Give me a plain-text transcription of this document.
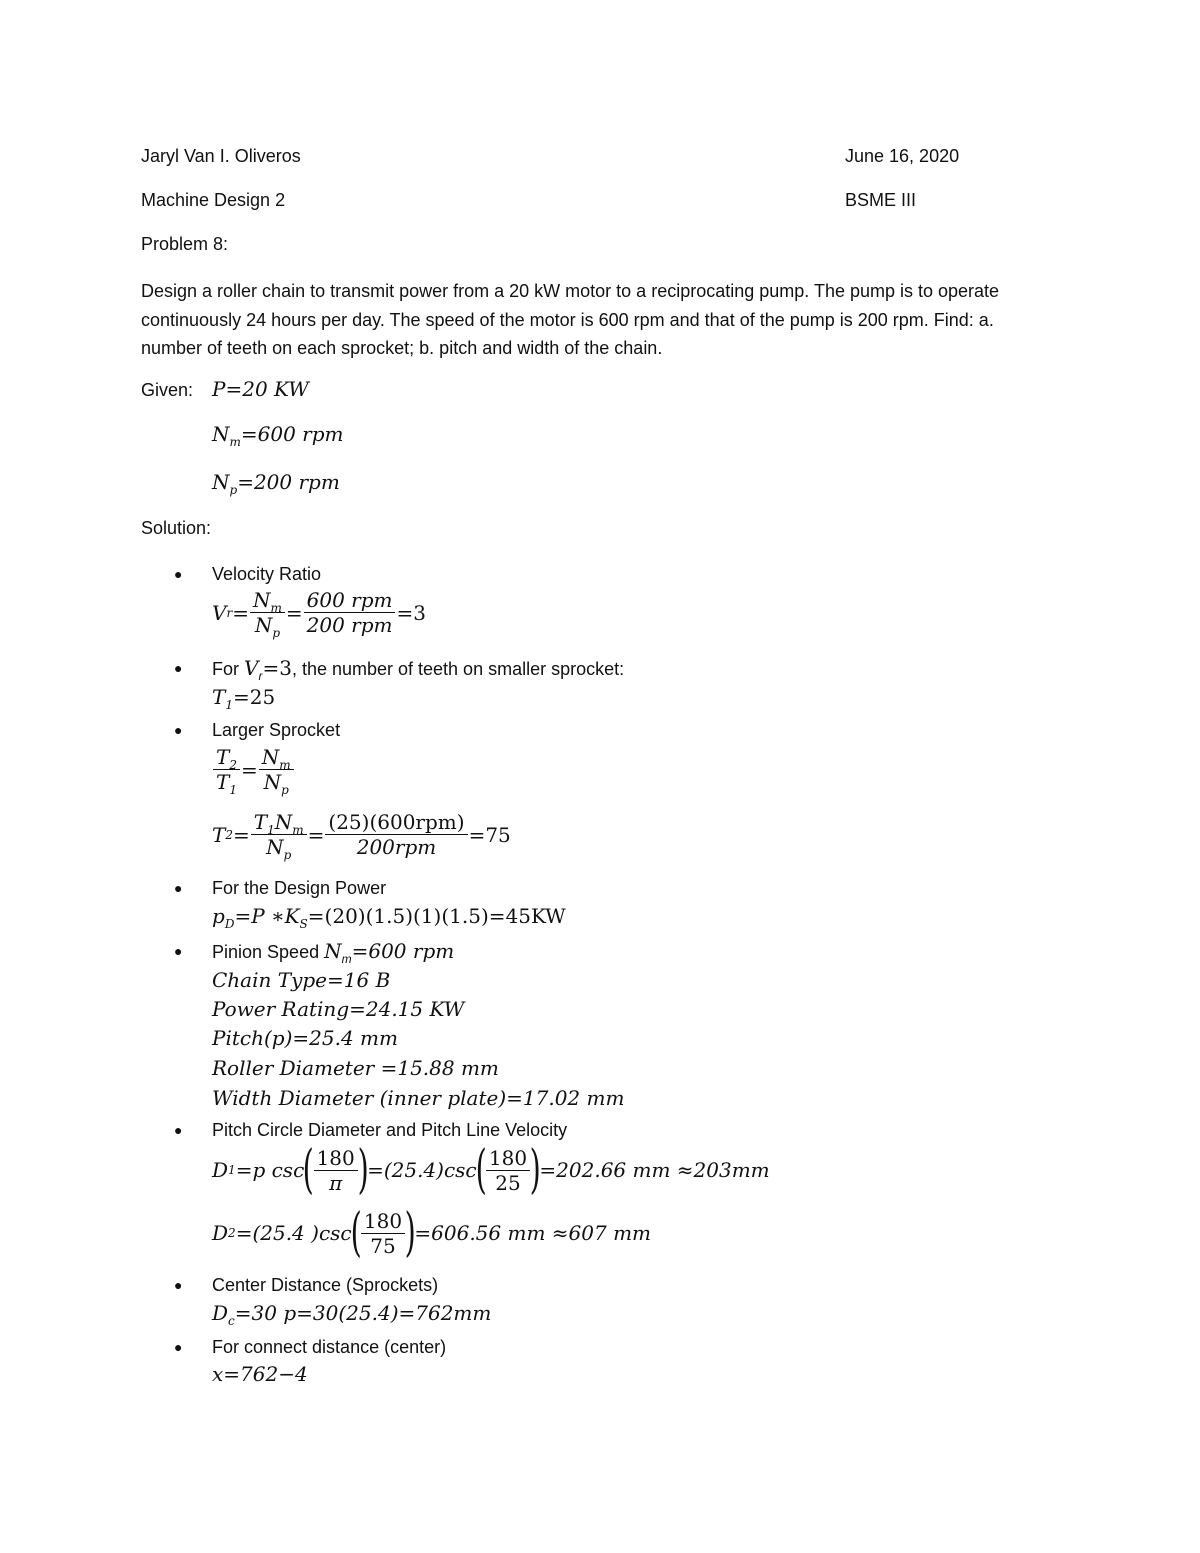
Jaryl Van I. Oliveros	June 16, 2020
Machine Design 2	BSME III
Problem 8:
Design a roller chain to transmit power from a 20 kW motor to a reciprocating pump. The pump is to operate continuously 24 hours per day. The speed of the motor is 600 rpm and that of the pump is 200 rpm. Find: a. number of teeth on each sprocket; b. pitch and width of the chain.
Given: P=20 KW
$N_m=600$ rpm
$N_p=200$ rpm
Solution:
● Velocity Ratio
V $r = \frac{N_m}{N_p} = \frac{\text{600 rpm}}{\text{200 rpm}} =3$
● For $V_r=3$, the number of teeth on smaller sprocket:
$T_1=25$
● Larger Sprocket
$\frac{T_2}{T_1} = \frac{N_m}{N_p}$
T $2 = \frac{T_1N_m}{N_p} = \frac{\text{(25)(600rpm)}}{\text{200rpm}} =75$
● For the Design Power
$p_D=P$ $∗K_S=(20)(1.5)(1)(1.5)=45KW$
● Pinion Speed $N_m=600$ rpm
Chain Type=16 B
Power Rating=24.15 KW
Pitch(p)=25.4 mm
Roller Diameter =15.88 mm
Width Diameter (inner plate)=17.02 mm
● Pitch Circle Diameter and Pitch Line Velocity
D 1 =p csc
( $\frac{180}{\pi}$ )
=(25.4)csc
( $\frac{180}{25}$ )
=202.66 mm ≈203mm
D 2 =(25.4 )csc
( $\frac{180}{75}$ )
=606.56 mm ≈607 mm
● Center Distance (Sprockets)
$D_c=30$ p=30(25.4)=762mm
● For connect distance (center)
x=762−4
